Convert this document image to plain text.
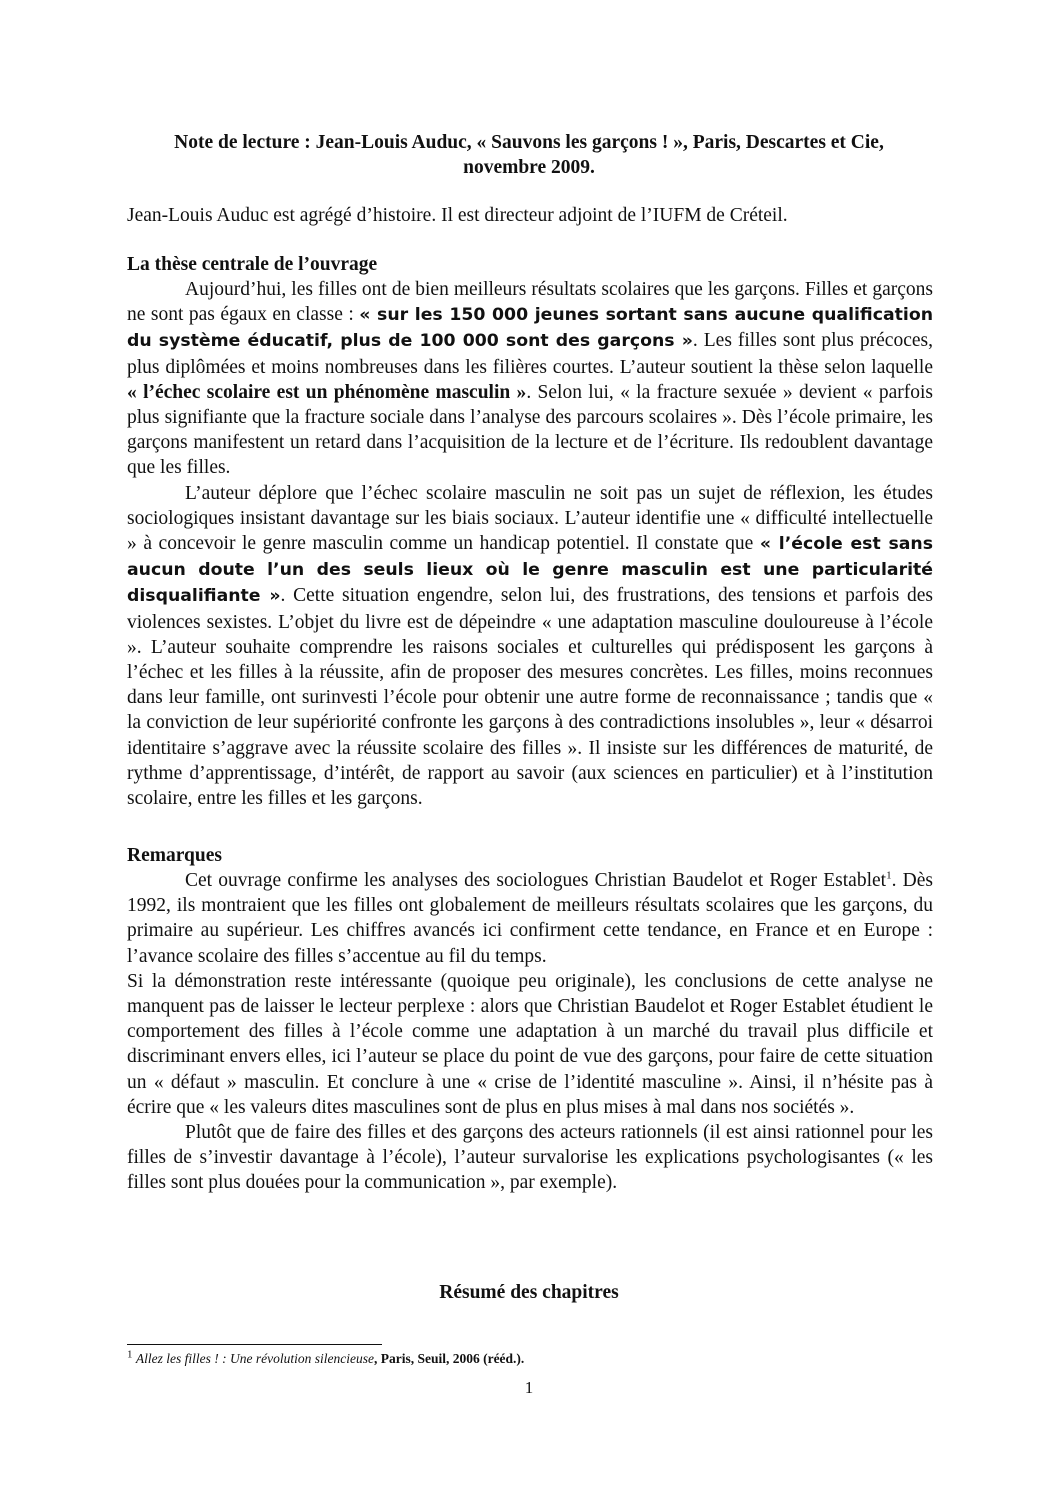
Note de lecture : Jean-Louis Auduc, « Sauvons les garçons ! », Paris, Descartes et Cie,
novembre 2009.
Jean-Louis Auduc est agrégé d’histoire. Il est directeur adjoint de l’IUFM de Créteil.
La thèse centrale de l’ouvrage

Aujourd’hui, les filles ont de bien meilleurs résultats scolaires que les garçons. Filles et garçons ne sont pas égaux en classe : « sur les 150 000 jeunes sortant sans aucune qualification du système éducatif, plus de 100 000 sont des garçons ». Les filles sont plus précoces, plus diplômées et moins nombreuses dans les filières courtes. L’auteur soutient la thèse selon laquelle « l’échec scolaire est un phénomène masculin ». Selon lui, « la fracture sexuée » devient « parfois plus signifiante que la fracture sociale dans l’analyse des parcours scolaires ». Dès l’école primaire, les garçons manifestent un retard dans l’acquisition de la lecture et de l’écriture. Ils redoublent davantage que les filles.

L’auteur déplore que l’échec scolaire masculin ne soit pas un sujet de réflexion, les études sociologiques insistant davantage sur les biais sociaux. L’auteur identifie une « difficulté intellectuelle » à concevoir le genre masculin comme un handicap potentiel. Il constate que « l’école est sans aucun doute l’un des seuls lieux où le genre masculin est une particularité disqualifiante ». Cette situation engendre, selon lui, des frustrations, des tensions et parfois des violences sexistes. L’objet du livre est de dépeindre « une adaptation masculine douloureuse à l’école ». L’auteur souhaite comprendre les raisons sociales et culturelles qui prédisposent les garçons à l’échec et les filles à la réussite, afin de proposer des mesures concrètes. Les filles, moins reconnues dans leur famille, ont surinvesti l’école pour obtenir une autre forme de reconnaissance ; tandis que « la conviction de leur supériorité confronte les garçons à des contradictions insolubles », leur « désarroi identitaire s’aggrave avec la réussite scolaire des filles ». Il insiste sur les différences de maturité, de rythme d’apprentissage, d’intérêt, de rapport au savoir (aux sciences en particulier) et à l’institution scolaire, entre les filles et les garçons.

Remarques

Cet ouvrage confirme les analyses des sociologues Christian Baudelot et Roger Establet$^1$. Dès 1992, ils montraient que les filles ont globalement de meilleurs résultats scolaires que les garçons, du primaire au supérieur. Les chiffres avancés ici confirment cette tendance, en France et en Europe : l’avance scolaire des filles s’accentue au fil du temps.

Si la démonstration reste intéressante (quoique peu originale), les conclusions de cette analyse ne manquent pas de laisser le lecteur perplexe : alors que Christian Baudelot et Roger Establet étudient le comportement des filles à l’école comme une adaptation à un marché du travail plus difficile et discriminant envers elles, ici l’auteur se place du point de vue des garçons, pour faire de cette situation un « défaut » masculin. Et conclure à une « crise de l’identité masculine ». Ainsi, il n’hésite pas à écrire que « les valeurs dites masculines sont de plus en plus mises à mal dans nos sociétés ».

Plutôt que de faire des filles et des garçons des acteurs rationnels (il est ainsi rationnel pour les filles de s’investir davantage à l’école), l’auteur survalorise les explications psychologisantes (« les filles sont plus douées pour la communication », par exemple).

Résumé des chapitres
$^1$ Allez les filles ! : Une révolution silencieuse, Paris, Seuil, 2006 (rééd.).
1
